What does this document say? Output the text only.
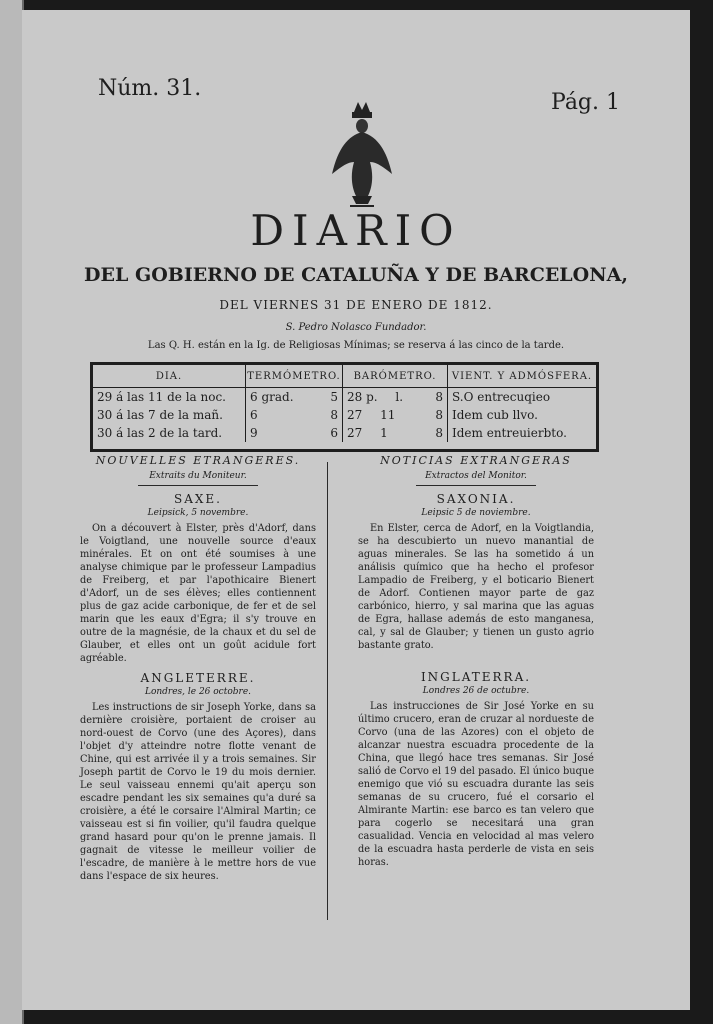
Núm. 31.
Pág. 1
DIARIO
DEL GOBIERNO DE CATALUÑA Y DE BARCELONA,
DEL VIERNES 31 DE ENERO DE 1812.
S. Pedro Nolasco Fundador.
Las Q. H. están en la Ig. de Religiosas Mínimas; se reserva á las cinco de la tarde.
DIA.	TERMÓMETRO.	BARÓMETRO.	VIENT. Y ADMÓSFERA.
29 á las 11 de la noc.	6 grad. 5	28 p. l. 8	S.O entrecuqieo
30 á las 7 de la mañ.	6 8	27 11 8	Idem cub llvo.
30 á las 2 de la tard.	9 6	27 1 8	Idem entreuierbto.
NOUVELLES ETRANGERES.
Extraits du Moniteur.
SAXE.
Leipsick, 5 novembre.
On a découvert à Elster, près d'Adorf, dans le Voigtland, une nouvelle source d'eaux minérales. Et on ont été soumises à une analyse chimique par le professeur Lampadius de Freiberg, et par l'apothicaire Bienert d'Adorf, un de ses élèves; elles contiennent plus de gaz acide carbonique, de fer et de sel marin que les eaux d'Egra; il s'y trouve en outre de la magnésie, de la chaux et du sel de Glauber, et elles ont un goût acidule fort agréable.
ANGLETERRE.
Londres, le 26 octobre.
Les instructions de sir Joseph Yorke, dans sa dernière croisière, portaient de croiser au nord-ouest de Corvo (une des Açores), dans l'objet d'y atteindre notre flotte venant de Chine, qui est arrivée il y a trois semaines. Sir Joseph partit de Corvo le 19 du mois dernier. Le seul vaisseau ennemi qu'ait aperçu son escadre pendant les six semaines qu'a duré sa croisière, a été le corsaire l'Almiral Martin; ce vaisseau est si fin voilier, qu'il faudra quelque grand hasard pour qu'on le prenne jamais. Il gagnait de vitesse le meilleur voilier de l'escadre, de manière à le mettre hors de vue dans l'espace de six heures.
NOTICIAS EXTRANGERAS
Extractos del Monitor.
SAXONIA.
Leipsic 5 de noviembre.
En Elster, cerca de Adorf, en la Voigtlandia, se ha descubierto un nuevo manantial de aguas minerales. Se las ha sometido á un análisis químico que ha hecho el profesor Lampadio de Freiberg, y el boticario Bienert de Adorf. Contienen mayor parte de gaz carbónico, hierro, y sal marina que las aguas de Egra, hallase además de esto manganesa, cal, y sal de Glauber; y tienen un gusto agrio bastante grato.
INGLATERRA.
Londres 26 de octubre.
Las instrucciones de Sir José Yorke en su último crucero, eran de cruzar al nordueste de Corvo (una de las Azores) con el objeto de alcanzar nuestra escuadra procedente de la China, que llegó hace tres semanas. Sir José salió de Corvo el 19 del pasado. El único buque enemigo que vió su escuadra durante las seis semanas de su crucero, fué el corsario el Almirante Martin: ese barco es tan velero que para cogerlo se necesitará una gran casualidad. Vencia en velocidad al mas velero de la escuadra hasta perderle de vista en seis horas.
